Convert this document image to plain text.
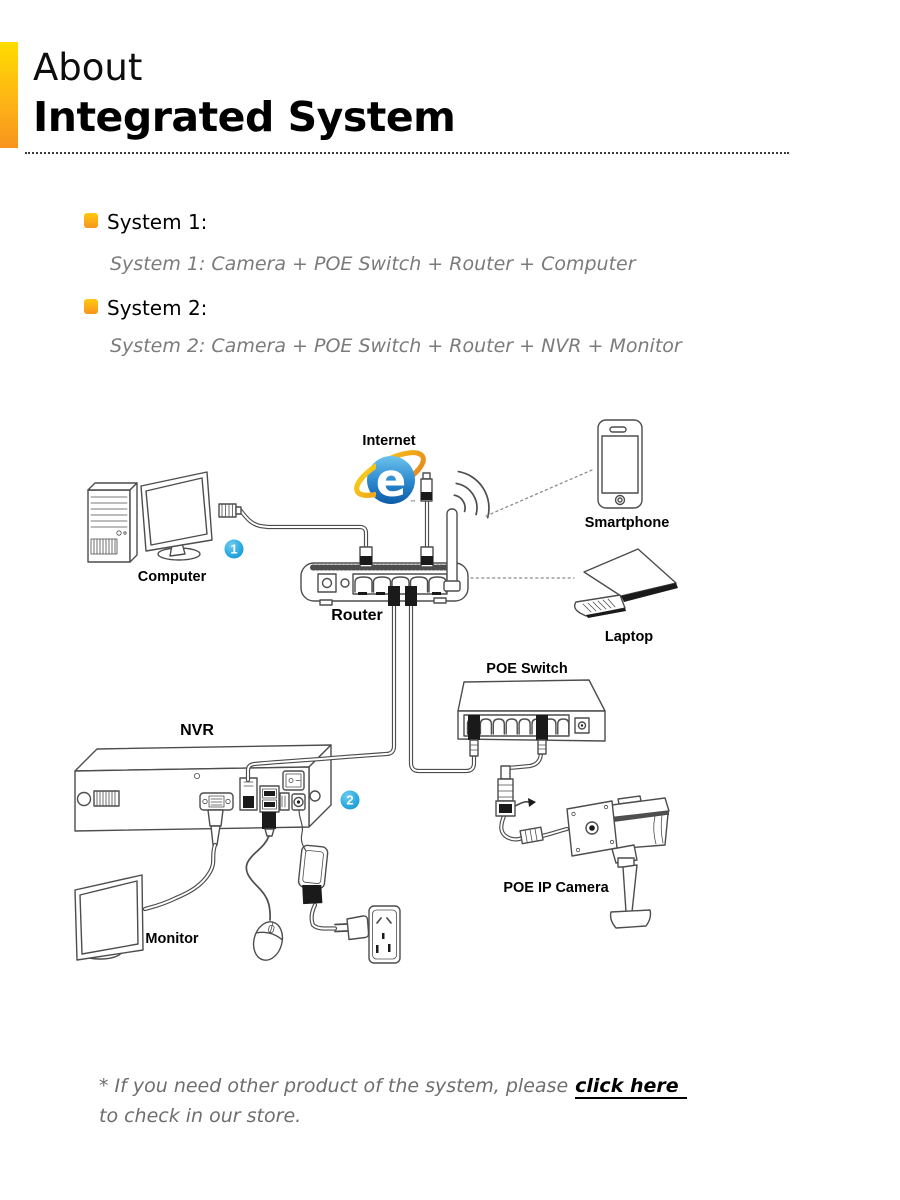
About
Integrated System
System 1:
System 1: Camera + POE Switch + Router + Computer
System 2:
System 2: Camera + POE Switch + Router + NVR + Monitor
e ™
Internet
Smartphone
Computer
Router
Laptop
POE Switch
NVR
Monitor
POE IP Camera
1
2
* If you need other product of the system, please click here
to check in our store.
